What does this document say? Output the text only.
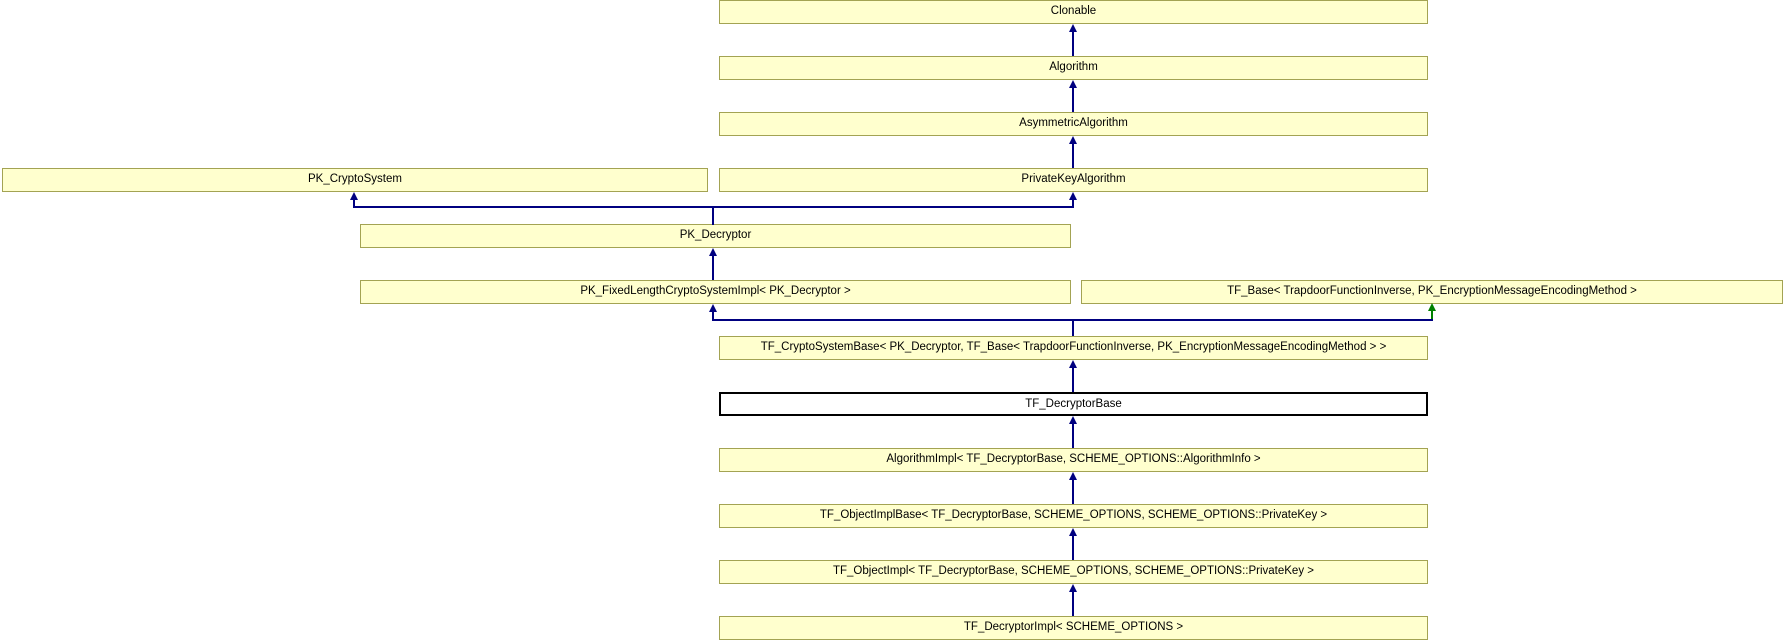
Clonable
Algorithm
AsymmetricAlgorithm
PK_CryptoSystem	PrivateKeyAlgorithm
PK_Decryptor
PK_FixedLengthCryptoSystemImpl< PK_Decryptor >	TF_Base< TrapdoorFunctionInverse, PK_EncryptionMessageEncodingMethod >
TF_CryptoSystemBase< PK_Decryptor, TF_Base< TrapdoorFunctionInverse, PK_EncryptionMessageEncodingMethod > >
TF_DecryptorBase
AlgorithmImpl< TF_DecryptorBase, SCHEME_OPTIONS::AlgorithmInfo >
TF_ObjectImplBase< TF_DecryptorBase, SCHEME_OPTIONS, SCHEME_OPTIONS::PrivateKey >
TF_ObjectImpl< TF_DecryptorBase, SCHEME_OPTIONS, SCHEME_OPTIONS::PrivateKey >
TF_DecryptorImpl< SCHEME_OPTIONS >
